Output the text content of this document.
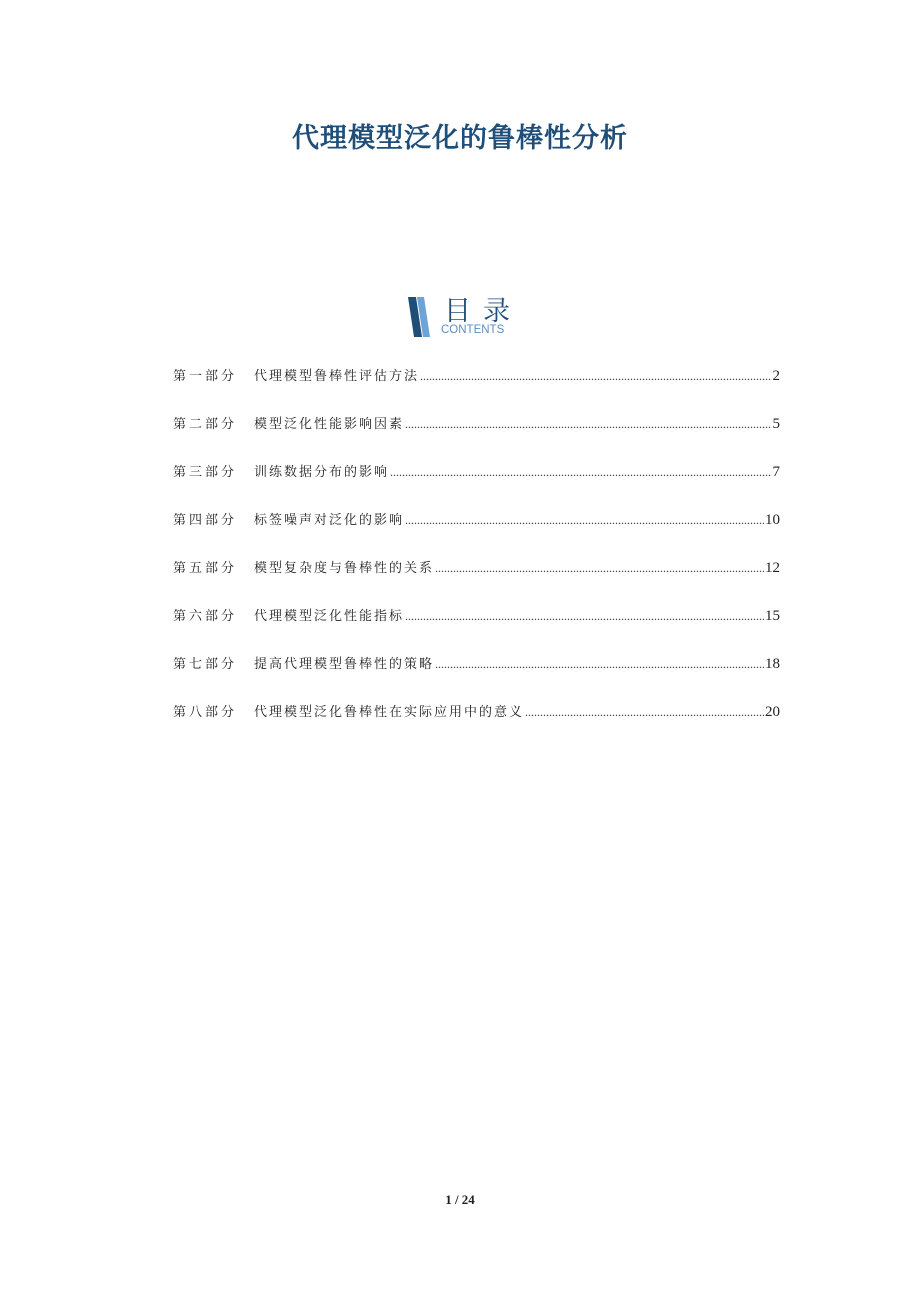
代理模型泛化的鲁棒性分析
目录
CONTENTS
第一部分	代理模型鲁棒性评估方法 .....	2
第二部分	模型泛化性能影响因素 .....	5
第三部分	训练数据分布的影响 .....	7
第四部分	标签噪声对泛化的影响 .....	10
第五部分	模型复杂度与鲁棒性的关系 .....	12
第六部分	代理模型泛化性能指标 .....	15
第七部分	提高代理模型鲁棒性的策略 .....	18
第八部分	代理模型泛化鲁棒性在实际应用中的意义 .....	20
1 / 24
